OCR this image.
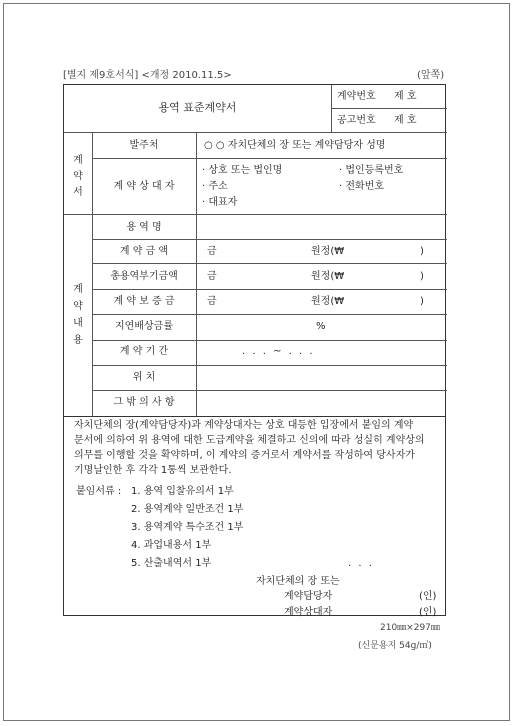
[별지 제9호서식] <개정 2010.11.5>	(앞쪽)
용역 표준계약서
계약번호 제 호
공고번호 제 호
계
약
서
발주처	○ ○ 자치단체의 장 또는 계약담당자 성명
계 약 상 대 자
· 상호 또는 법인명	· 법인등록번호
· 주소	· 전화번호
· 대표자
계
약
내
용
용 역 명
계 약 금 액	금	원정(₩	)
총용역부기금액	금	원정(₩	)
계 약 보 증 금	금	원정(₩	)
지연배상금률	%
계 약 기 간	. . . ~ . . .
위 치
그 밖 의 사 항
자치단체의 장(계약담당자)과 계약상대자는 상호 대등한 입장에서 붙임의 계약
문서에 의하여 위 용역에 대한 도급계약을 체결하고 신의에 따라 성실히 계약상의
의무를 이행할 것을 확약하며, 이 계약의 증거로서 계약서를 작성하여 당사자가
기명날인한 후 각각 1통씩 보관한다.
붙임서류 : 1. 용역 입찰유의서 1부
2. 용역계약 일반조건 1부
3. 용역계약 특수조건 1부
4. 과업내용서 1부
5. 산출내역서 1부	. . .
자치단체의 장 또는
계약담당자	(인)
계약상대자	(인)
210㎜×297㎜
(신문용지 54g/㎡)
